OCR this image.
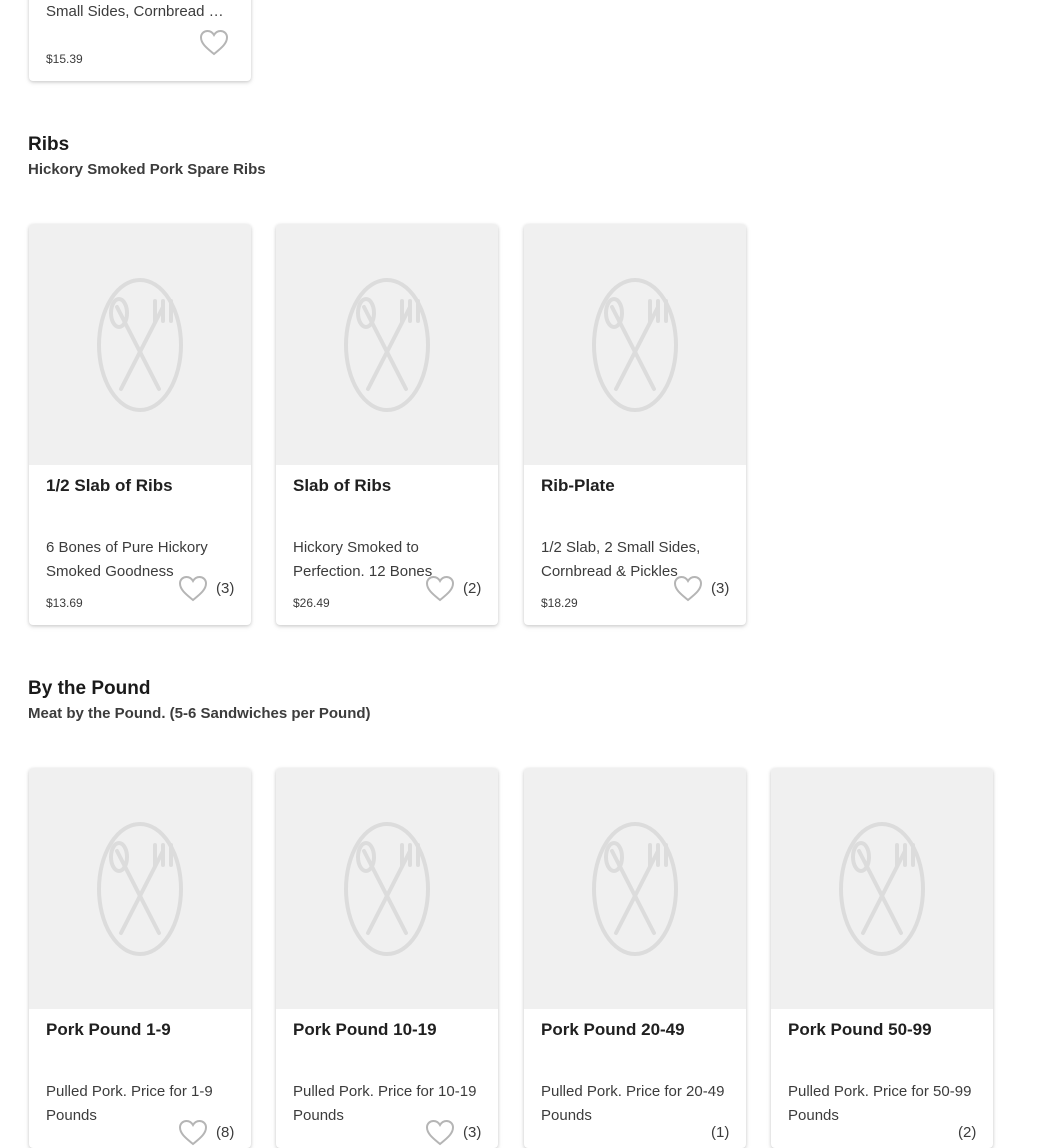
Small Sides, Cornbread …
$15.39
Ribs
Hickory Smoked Pork Spare Ribs
1/2 Slab of Ribs
6 Bones of Pure Hickory Smoked Goodness
$13.69
(3)
Slab of Ribs
Hickory Smoked to Perfection. 12 Bones
$26.49
(2)
Rib-Plate
1/2 Slab, 2 Small Sides, Cornbread & Pickles
$18.29
(3)
By the Pound
Meat by the Pound. (5-6 Sandwiches per Pound)
Pork Pound 1-9
Pulled Pork. Price for 1-9 Pounds
(8)
Pork Pound 10-19
Pulled Pork. Price for 10-19 Pounds
(3)
Pork Pound 20-49
Pulled Pork. Price for 20-49 Pounds
(1)
Pork Pound 50-99
Pulled Pork. Price for 50-99 Pounds
(2)
